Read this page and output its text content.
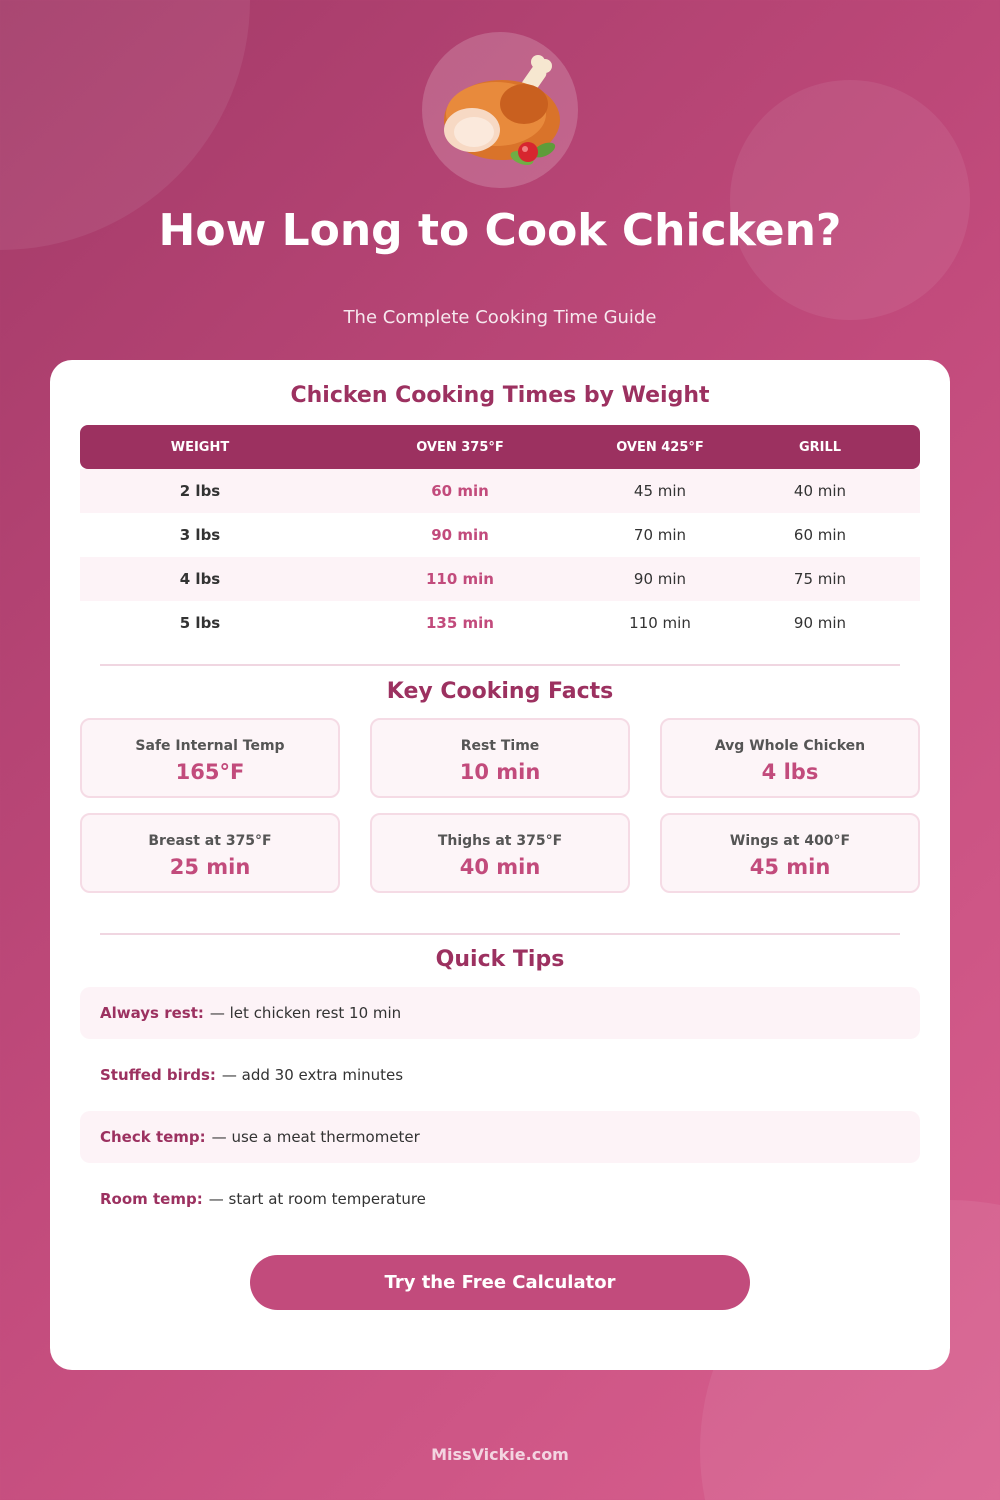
How Long to Cook Chicken?
The Complete Cooking Time Guide
Chicken Cooking Times by Weight
WEIGHT	OVEN 375°F	OVEN 425°F	GRILL
2 lbs	60 min	45 min	40 min
3 lbs	90 min	70 min	60 min
4 lbs	110 min	90 min	75 min
5 lbs	135 min	110 min	90 min
Key Cooking Facts
Safe Internal Temp
165°F
Rest Time
10 min
Avg Whole Chicken
4 lbs
Breast at 375°F
25 min
Thighs at 375°F
40 min
Wings at 400°F
45 min
Quick Tips
Always rest: — let chicken rest 10 min
Stuffed birds: — add 30 extra minutes
Check temp: — use a meat thermometer
Room temp: — start at room temperature
Try the Free Calculator
MissVickie.com
